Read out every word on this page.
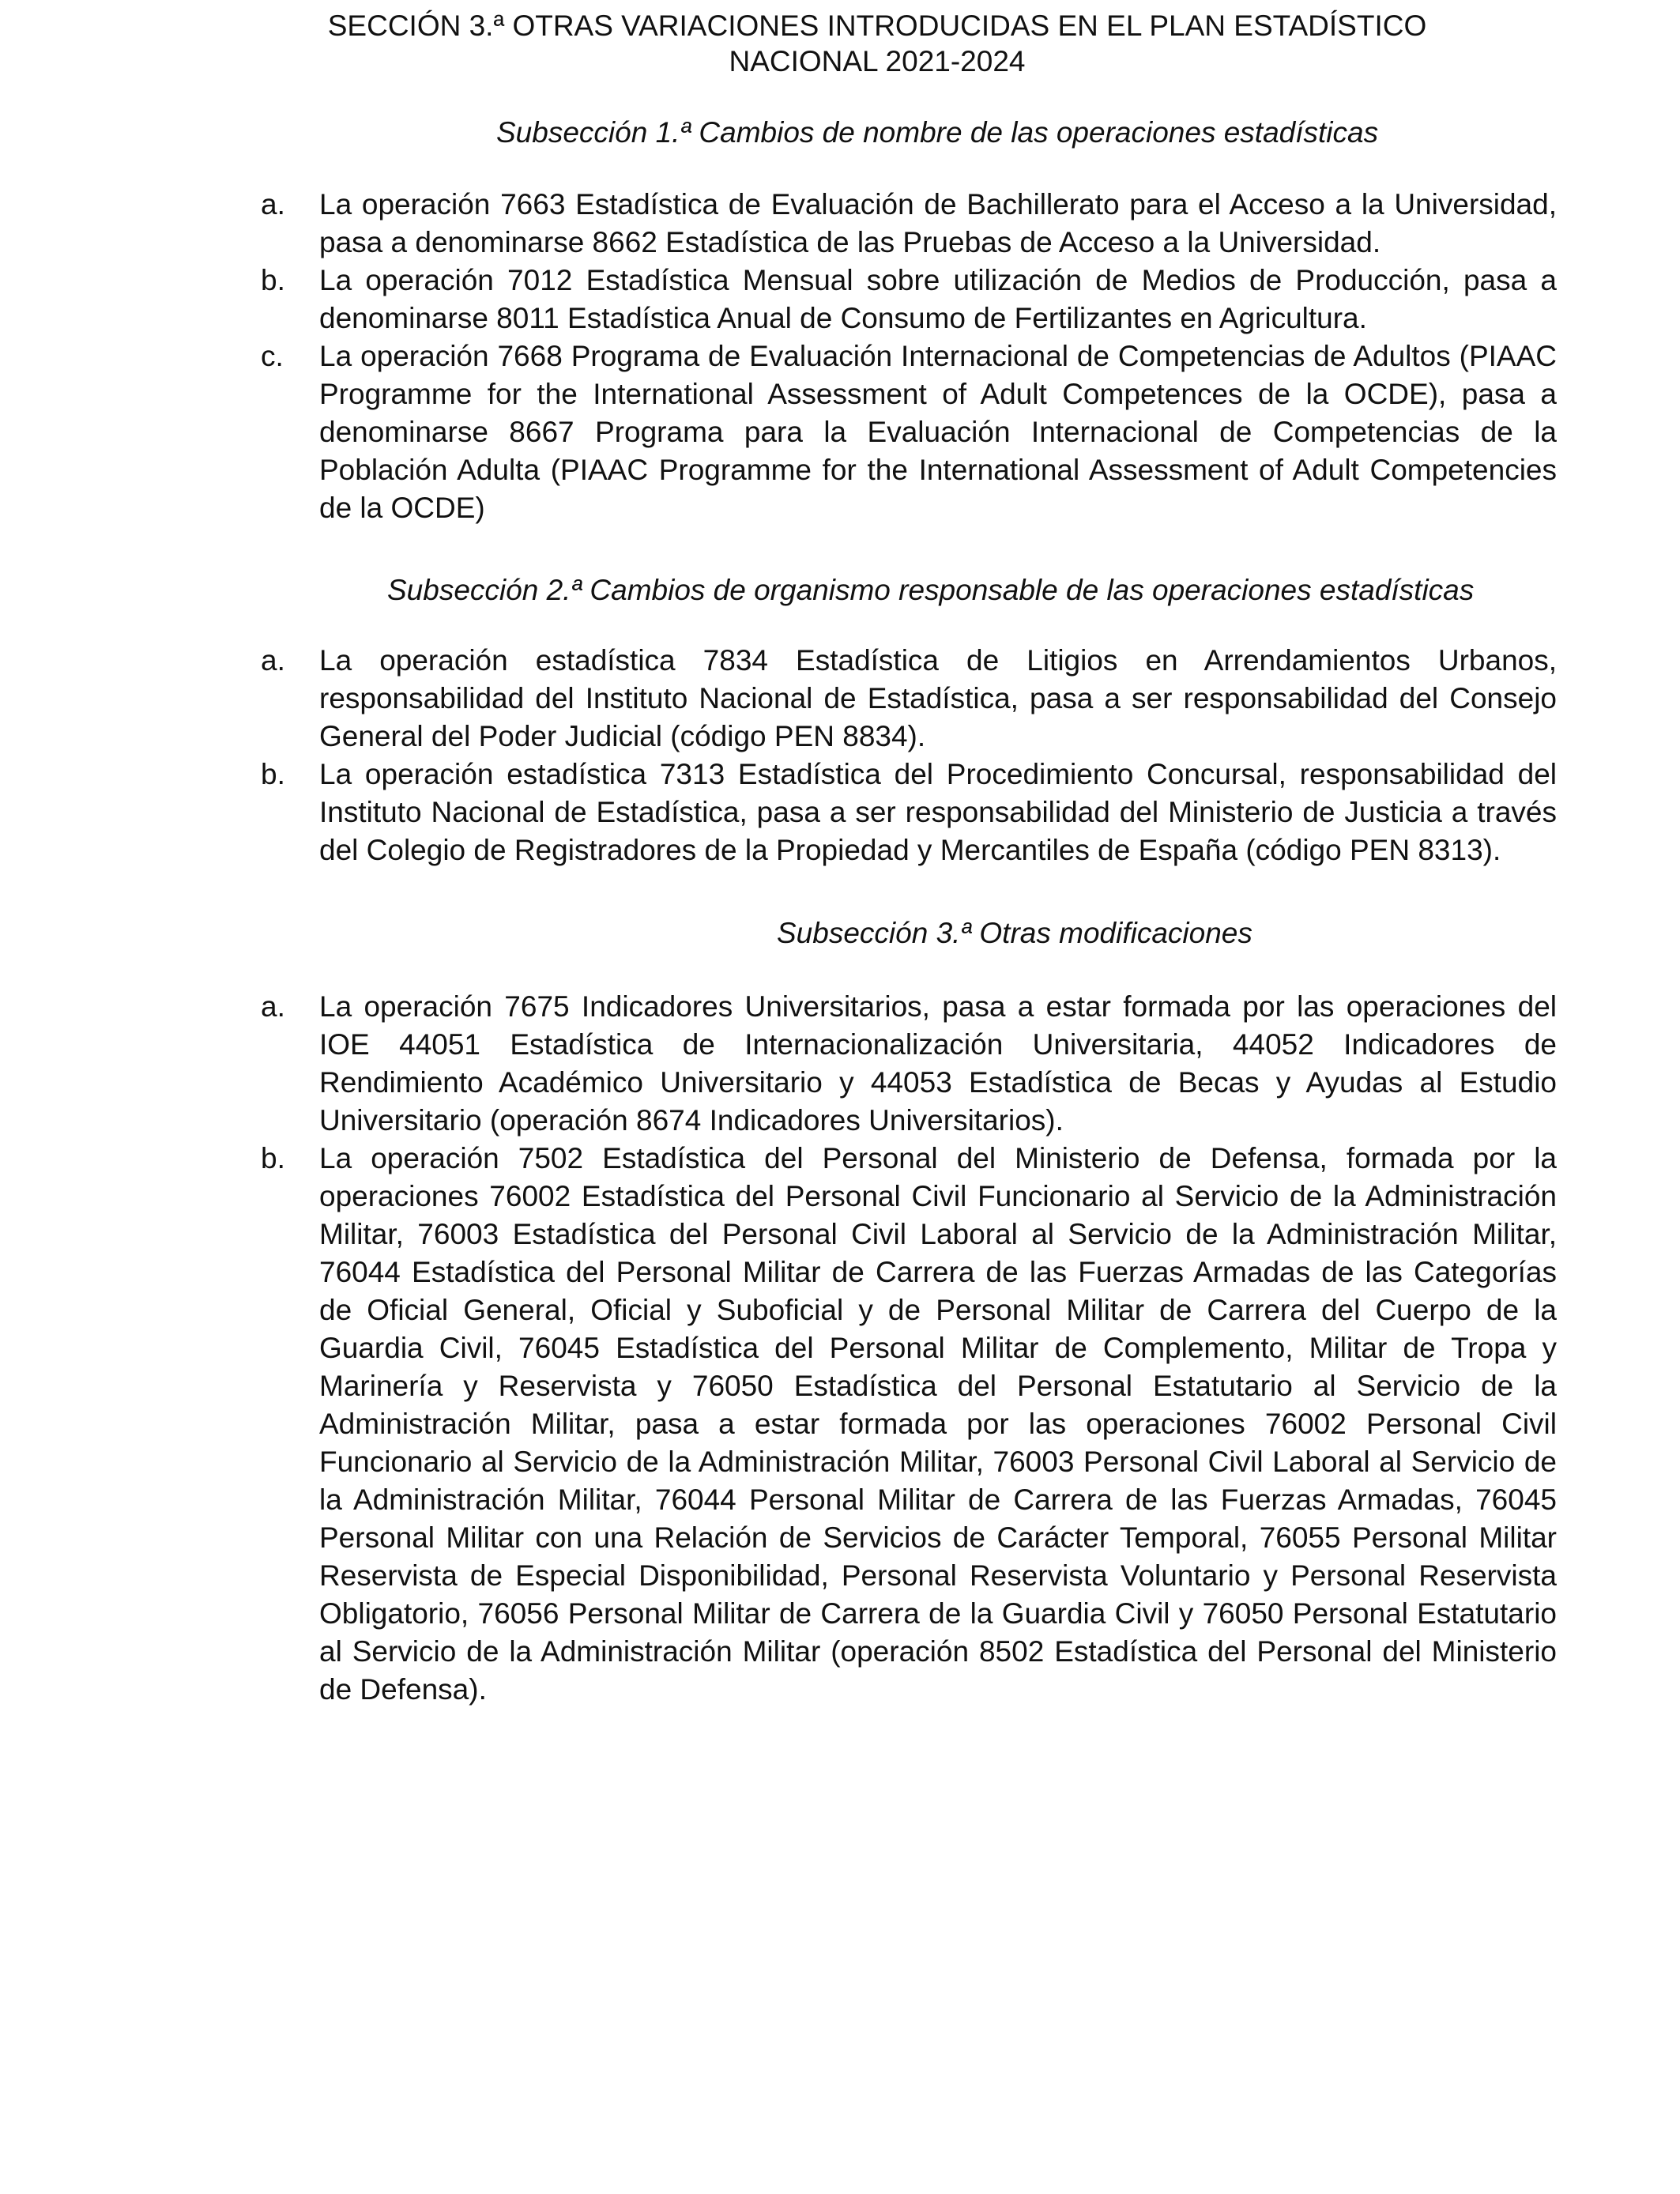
SECCIÓN 3.ª OTRAS VARIACIONES INTRODUCIDAS EN EL PLAN ESTADÍSTICO
NACIONAL 2021-2024
Subsección 1.ª Cambios de nombre de las operaciones estadísticas
a. La operación 7663 Estadística de Evaluación de Bachillerato para el Acceso a la Universidad, pasa a denominarse 8662 Estadística de las Pruebas de Acceso a la Universidad.
b. La operación 7012 Estadística Mensual sobre utilización de Medios de Producción, pasa a denominarse 8011 Estadística Anual de Consumo de Fertilizantes en Agricultura.
c. La operación 7668 Programa de Evaluación Internacional de Competencias de Adultos (PIAAC Programme for the International Assessment of Adult Competences de la OCDE), pasa a denominarse 8667 Programa para la Evaluación Internacional de Competencias de la Población Adulta (PIAAC Programme for the International Assessment of Adult Competencies de la OCDE)
Subsección 2.ª Cambios de organismo responsable de las operaciones estadísticas
a. La operación estadística 7834 Estadística de Litigios en Arrendamientos Urbanos, responsabilidad del Instituto Nacional de Estadística, pasa a ser responsabilidad del Consejo General del Poder Judicial (código PEN 8834).
b. La operación estadística 7313 Estadística del Procedimiento Concursal, responsabilidad del Instituto Nacional de Estadística, pasa a ser responsabilidad del Ministerio de Justicia a través del Colegio de Registradores de la Propiedad y Mercantiles de España (código PEN 8313).
Subsección 3.ª Otras modificaciones
a. La operación 7675 Indicadores Universitarios, pasa a estar formada por las operaciones del IOE 44051 Estadística de Internacionalización Universitaria, 44052 Indicadores de Rendimiento Académico Universitario y 44053 Estadística de Becas y Ayudas al Estudio Universitario (operación 8674 Indicadores Universitarios).
b. La operación 7502 Estadística del Personal del Ministerio de Defensa, formada por la operaciones 76002 Estadística del Personal Civil Funcionario al Servicio de la Administración Militar, 76003 Estadística del Personal Civil Laboral al Servicio de la Administración Militar, 76044 Estadística del Personal Militar de Carrera de las Fuerzas Armadas de las Categorías de Oficial General, Oficial y Suboficial y de Personal Militar de Carrera del Cuerpo de la Guardia Civil, 76045 Estadística del Personal Militar de Complemento, Militar de Tropa y Marinería y Reservista y 76050 Estadística del Personal Estatutario al Servicio de la Administración Militar, pasa a estar formada por las operaciones 76002 Personal Civil Funcionario al Servicio de la Administración Militar, 76003 Personal Civil Laboral al Servicio de la Administración Militar, 76044 Personal Militar de Carrera de las Fuerzas Armadas, 76045 Personal Militar con una Relación de Servicios de Carácter Temporal, 76055 Personal Militar Reservista de Especial Disponibilidad, Personal Reservista Voluntario y Personal Reservista Obligatorio, 76056 Personal Militar de Carrera de la Guardia Civil y 76050 Personal Estatutario al Servicio de la Administración Militar (operación 8502 Estadística del Personal del Ministerio de Defensa).
